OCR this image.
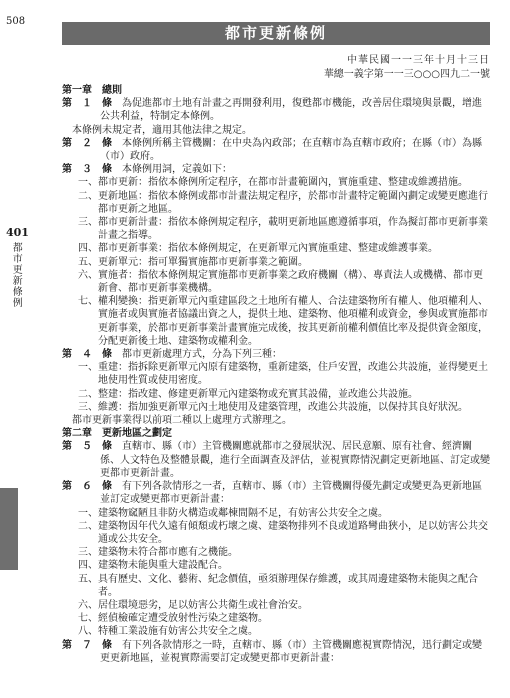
508
都市更新條例
中華民國一一三年十月十三日
華總一義字第一一三○○○四九二一號
401
都市更新條例

第一章　總則

第　１　條　 為促進都市土地有計畫之再開發利用，復甦都市機能，改善居住環境與景觀，增進公共利益，特制定本條例。

本條例未規定者，適用其他法律之規定。

第　２　條　 本條例所稱主管機關：在中央為內政部；在直轄市為直轄市政府；在縣（市）為縣（市）政府。

第　３　條　 本條例用詞，定義如下：

一、都市更新：指依本條例所定程序，在都市計畫範圍內，實施重建、整建或維護措施。

二、更新地區：指依本條例或都市計畫法規定程序，於都市計畫特定範圍內劃定或變更應進行都市更新之地區。

三、都市更新計畫：指依本條例規定程序，載明更新地區應遵循事項，作為擬訂都市更新事業計畫之指導。

四、都市更新事業：指依本條例規定，在更新單元內實施重建、整建或維護事業。

五、更新單元：指可單獨實施都市更新事業之範圍。

六、實施者：指依本條例規定實施都市更新事業之政府機關（構）、專責法人或機構、都市更新會、都市更新事業機構。

七、權利變換：指更新單元內重建區段之土地所有權人、合法建築物所有權人、他項權利人、實施者或與實施者協議出資之人，提供土地、建築物、他項權利或資金，參與或實施都市更新事業，於都市更新事業計畫實施完成後，按其更新前權利價值比率及提供資金額度，分配更新後土地、建築物或權利金。

第　４　條　 都市更新處理方式，分為下列三種：

一、重建：指拆除更新單元內原有建築物，重新建築，住戶安置，改進公共設施，並得變更土地使用性質或使用密度。

二、整建：指改建、修建更新單元內建築物或充實其設備，並改進公共設施。

三、維護：指加強更新單元內土地使用及建築管理，改進公共設施，以保持其良好狀況。

都市更新事業得以前項二種以上處理方式辦理之。

第二章　更新地區之劃定

第　５　條　 直轄市、縣（市）主管機關應就都市之發展狀況、居民意願、原有社會、經濟關係、人文特色及整體景觀，進行全面調查及評估，並視實際情況劃定更新地區、訂定或變更都市更新計畫。

第　６　條　 有下列各款情形之一者，直轄市、縣（市）主管機關得優先劃定或變更為更新地區並訂定或變更都市更新計畫：

一、建築物窳陋且非防火構造或鄰棟間隔不足，有妨害公共安全之虞。

二、建築物因年代久遠有傾頹或朽壞之虞、建築物排列不良或道路彎曲狹小，足以妨害公共交通或公共安全。

三、建築物未符合都市應有之機能。

四、建築物未能與重大建設配合。

五、具有歷史、文化、藝術、紀念價值，亟須辦理保存維護，或其周邊建築物未能與之配合者。

六、居住環境惡劣，足以妨害公共衛生或社會治安。

七、經偵檢確定遭受放射性污染之建築物。

八、特種工業設施有妨害公共安全之虞。

第　７　條　 有下列各款情形之一時，直轄市、縣（市）主管機關應視實際情況，迅行劃定或變更更新地區，並視實際需要訂定或變更都市更新計畫：
